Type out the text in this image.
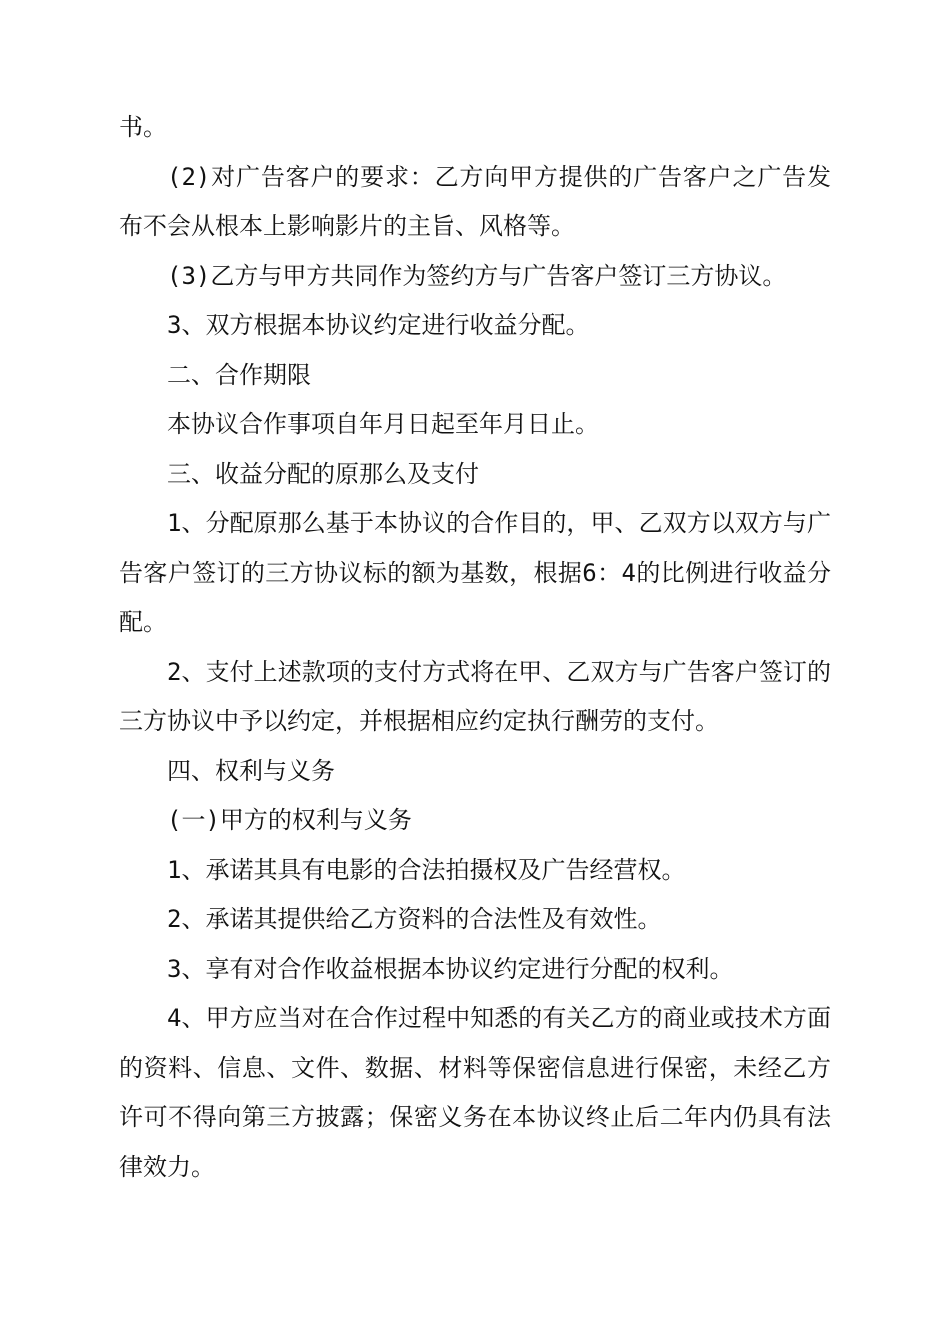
书。

(2)对广告客户的要求：乙方向甲方提供的广告客户之广告发布不会从根本上影响影片的主旨、风格等。

(3)乙方与甲方共同作为签约方与广告客户签订三方协议。

3、双方根据本协议约定进行收益分配。

二、合作期限

本协议合作事项自年月日起至年月日止。

三、收益分配的原那么及支付

1、分配原那么基于本协议的合作目的，甲、乙双方以双方与广告客户签订的三方协议标的额为基数，根据6：4的比例进行收益分配。

2、支付上述款项的支付方式将在甲、乙双方与广告客户签订的三方协议中予以约定，并根据相应约定执行酬劳的支付。

四、权利与义务

(一)甲方的权利与义务

1、承诺其具有电影的合法拍摄权及广告经营权。

2、承诺其提供给乙方资料的合法性及有效性。

3、享有对合作收益根据本协议约定进行分配的权利。

4、甲方应当对在合作过程中知悉的有关乙方的商业或技术方面的资料、信息、文件、数据、材料等保密信息进行保密，未经乙方许可不得向第三方披露；保密义务在本协议终止后二年内仍具有法律效力。
